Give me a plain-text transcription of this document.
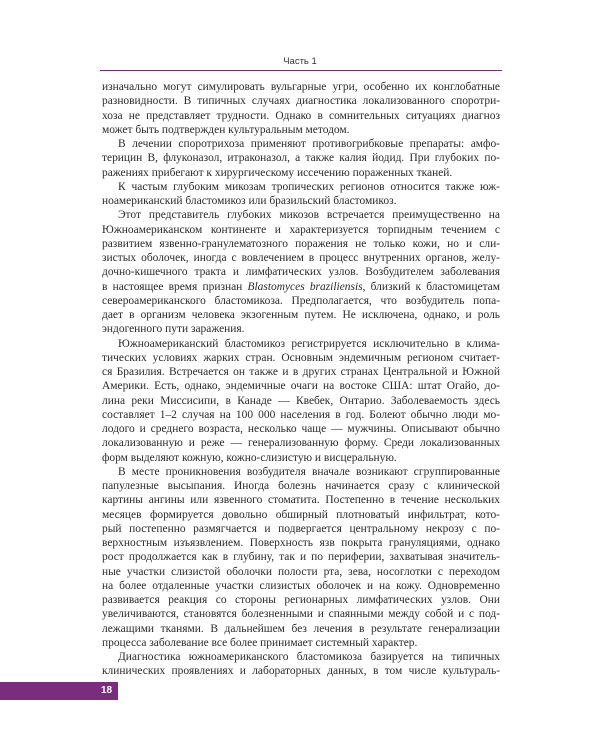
Часть 1
изначально могут симулировать вульгарные угри, особенно их конглобатные
разновидности. В типичных случаях диагностика локализованного споротри-
хоза не представляет трудности. Однако в сомнительных ситуациях диагноз
может быть подтвержден культуральным методом.
В лечении споротрихоза применяют противогрибковые препараты: амфо-
терицин В, флуконазол, итраконазол, а также калия йодид. При глубоких по-
ражениях прибегают к хирургическому иссечению пораженных тканей.
К частым глубоким микозам тропических регионов относится также юж-
ноамериканский бластомикоз или бразильский бластомикоз.
Этот представитель глубоких микозов встречается преимущественно на
Южноамериканском континенте и характеризуется торпидным течением с
развитием язвенно-гранулематозного поражения не только кожи, но и сли-
зистых оболочек, иногда с вовлечением в процесс внутренних органов, желу-
дочно-кишечного тракта и лимфатических узлов. Возбудителем заболевания
в настоящее время признан Blastomyces braziliensis, близкий к бластомицетам
североамериканского бластомикоза. Предполагается, что возбудитель попа-
дает в организм человека экзогенным путем. Не исключена, однако, и роль
эндогенного пути заражения.
Южноамериканский бластомикоз регистрируется исключительно в клима-
тических условиях жарких стран. Основным эндемичным регионом считает-
ся Бразилия. Встречается он также и в других странах Центральной и Южной
Америки. Есть, однако, эндемичные очаги на востоке США: штат Огайо, до-
лина реки Миссисипи, в Канаде — Квебек, Онтарио. Заболеваемость здесь
составляет 1–2 случая на 100 000 населения в год. Болеют обычно люди мо-
лодого и среднего возраста, несколько чаще — мужчины. Описывают обычно
локализованную и реже — генерализованную форму. Среди локализованных
форм выделяют кожную, кожно-слизистую и висцеральную.
В месте проникновения возбудителя вначале возникают сгруппированные
папулезные высыпания. Иногда болезнь начинается сразу с клинической
картины ангины или язвенного стоматита. Постепенно в течение нескольких
месяцев формируется довольно обширный плотноватый инфильтрат, кото-
рый постепенно размягчается и подвергается центральному некрозу с по-
верхностным изъязвлением. Поверхность язв покрыта грануляциями, однако
рост продолжается как в глубину, так и по периферии, захватывая значитель-
ные участки слизистой оболочки полости рта, зева, носоглотки с переходом
на более отдаленные участки слизистых оболочек и на кожу. Одновременно
развивается реакция со стороны регионарных лимфатических узлов. Они
увеличиваются, становятся болезненными и спаянными между собой и с под-
лежащими тканями. В дальнейшем без лечения в результате генерализации
процесса заболевание все более принимает системный характер.
Диагностика южноамериканского бластомикоза базируется на типичных
клинических проявлениях и лабораторных данных, в том числе культураль-
18
